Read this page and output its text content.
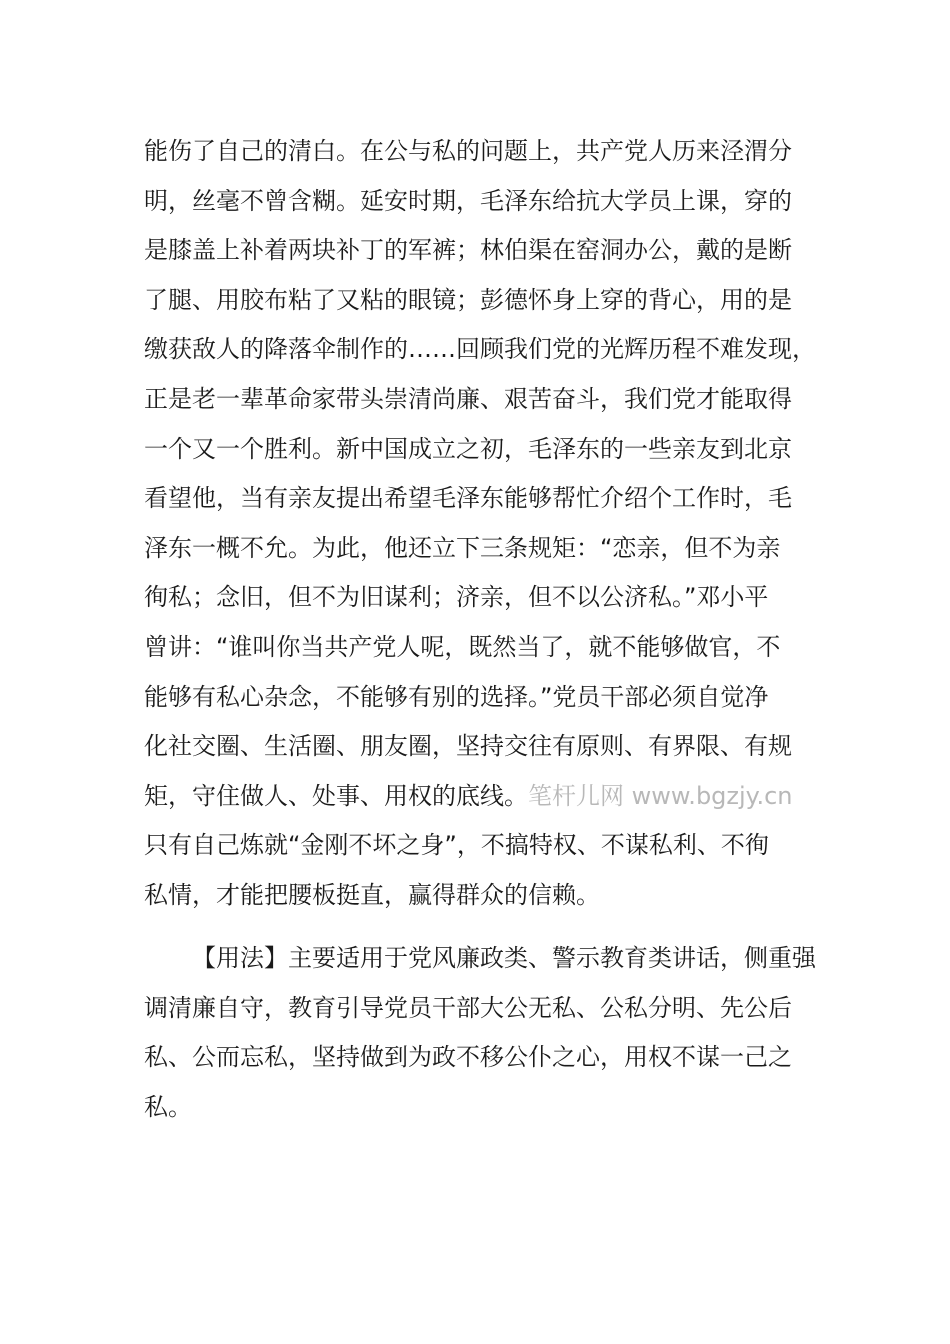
能伤了自己的清白。在公与私的问题上，共产党人历来泾渭分
明，丝毫不曾含糊。延安时期，毛泽东给抗大学员上课，穿的
是膝盖上补着两块补丁的军裤；林伯渠在窑洞办公，戴的是断
了腿、用胶布粘了又粘的眼镜；彭德怀身上穿的背心，用的是
缴获敌人的降落伞制作的……回顾我们党的光辉历程不难发现，
正是老一辈革命家带头崇清尚廉、艰苦奋斗，我们党才能取得
一个又一个胜利。新中国成立之初，毛泽东的一些亲友到北京
看望他，当有亲友提出希望毛泽东能够帮忙介绍个工作时，毛
泽东一概不允。为此，他还立下三条规矩：“恋亲，但不为亲
徇私；念旧，但不为旧谋利；济亲，但不以公济私。”邓小平
曾讲：“谁叫你当共产党人呢，既然当了，就不能够做官，不
能够有私心杂念，不能够有别的选择。”党员干部必须自觉净
化社交圈、生活圈、朋友圈，坚持交往有原则、有界限、有规
矩，守住做人、处事、用权的底线。笔杆儿网 www.bgzjy.cn
只有自己炼就“金刚不坏之身”，不搞特权、不谋私利、不徇
私情，才能把腰板挺直，赢得群众的信赖。
【用法】主要适用于党风廉政类、警示教育类讲话，侧重强
调清廉自守，教育引导党员干部大公无私、公私分明、先公后
私、公而忘私，坚持做到为政不移公仆之心，用权不谋一己之
私。
